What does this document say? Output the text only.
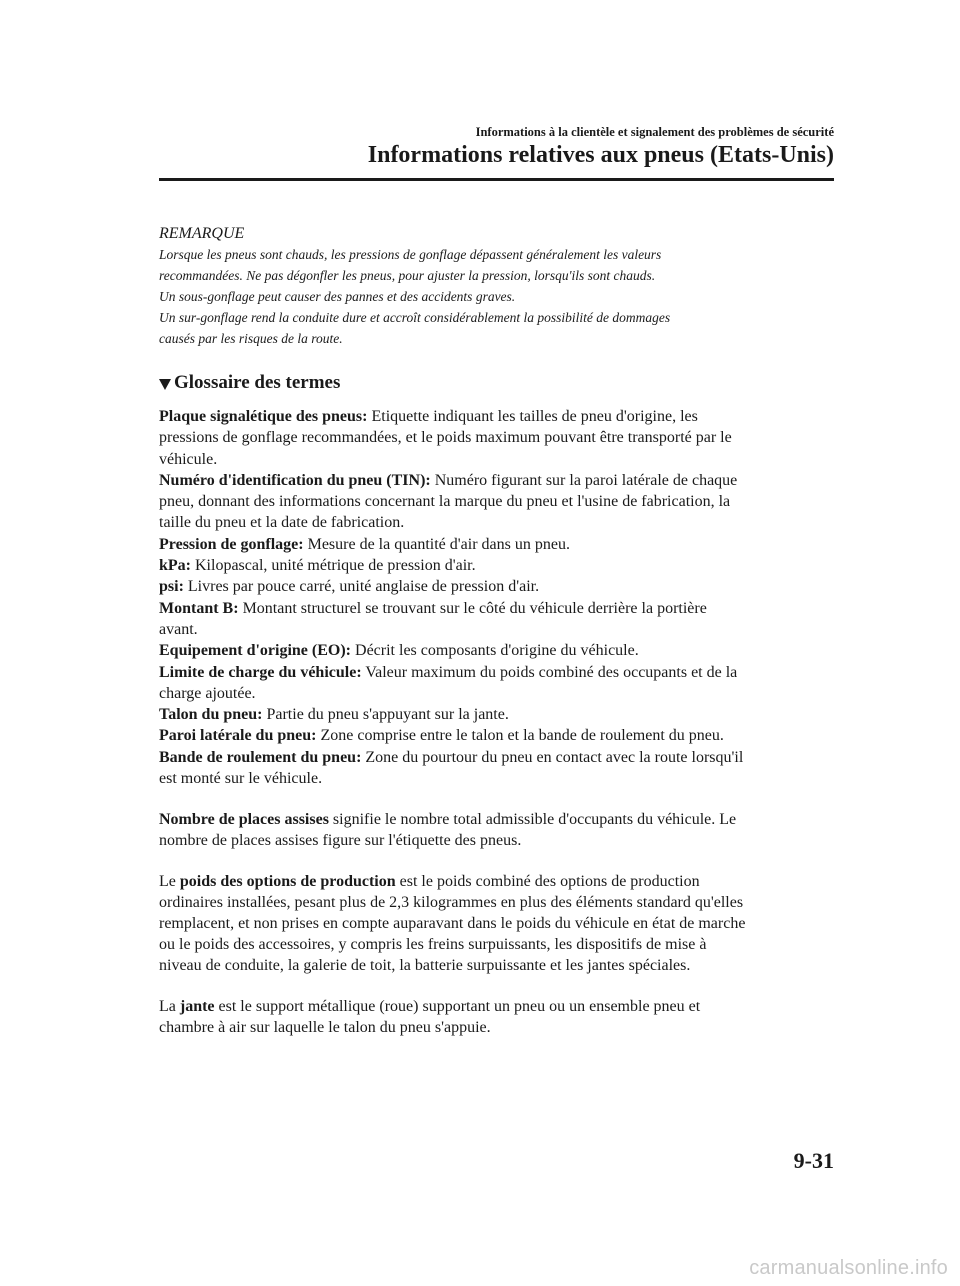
Informations à la clientèle et signalement des problèmes de sécurité
Informations relatives aux pneus (Etats-Unis)

REMARQUE

Lorsque les pneus sont chauds, les pressions de gonflage dépassent généralement les valeurs

recommandées. Ne pas dégonfler les pneus, pour ajuster la pression, lorsqu'ils sont chauds.

Un sous-gonflage peut causer des pannes et des accidents graves.

Un sur-gonflage rend la conduite dure et accroît considérablement la possibilité de dommages

causés par les risques de la route.

Glossaire des termes

Plaque signalétique des pneus: Etiquette indiquant les tailles de pneu d'origine, les

pressions de gonflage recommandées, et le poids maximum pouvant être transporté par le

véhicule.

Numéro d'identification du pneu (TIN): Numéro figurant sur la paroi latérale de chaque

pneu, donnant des informations concernant la marque du pneu et l'usine de fabrication, la

taille du pneu et la date de fabrication.

Pression de gonflage: Mesure de la quantité d'air dans un pneu.

kPa: Kilopascal, unité métrique de pression d'air.

psi: Livres par pouce carré, unité anglaise de pression d'air.

Montant B: Montant structurel se trouvant sur le côté du véhicule derrière la portière

avant.

Equipement d'origine (EO): Décrit les composants d'origine du véhicule.

Limite de charge du véhicule: Valeur maximum du poids combiné des occupants et de la

charge ajoutée.

Talon du pneu: Partie du pneu s'appuyant sur la jante.

Paroi latérale du pneu: Zone comprise entre le talon et la bande de roulement du pneu.

Bande de roulement du pneu: Zone du pourtour du pneu en contact avec la route lorsqu'il

est monté sur le véhicule.

Nombre de places assises signifie le nombre total admissible d'occupants du véhicule. Le

nombre de places assises figure sur l'étiquette des pneus.

Le poids des options de production est le poids combiné des options de production

ordinaires installées, pesant plus de 2,3 kilogrammes en plus des éléments standard qu'elles

remplacent, et non prises en compte auparavant dans le poids du véhicule en état de marche

ou le poids des accessoires, y compris les freins surpuissants, les dispositifs de mise à

niveau de conduite, la galerie de toit, la batterie surpuissante et les jantes spéciales.

La jante est le support métallique (roue) supportant un pneu ou un ensemble pneu et

chambre à air sur laquelle le talon du pneu s'appuie.

9-31
carmanualsonline.info
